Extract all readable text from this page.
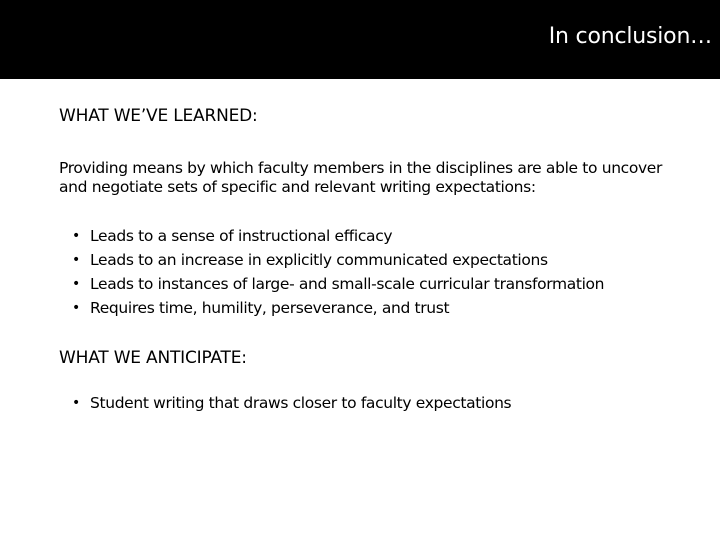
In conclusion…
WHAT WE’VE LEARNED:

Providing means by which faculty members in the disciplines are able to uncover and negotiate sets of specific and relevant writing expectations:

• Leads to a sense of instructional efficacy
• Leads to an increase in explicitly communicated expectations
• Leads to instances of large- and small-scale curricular transformation
• Requires time, humility, perseverance, and trust
WHAT WE ANTICIPATE:
• Student writing that draws closer to faculty expectations
